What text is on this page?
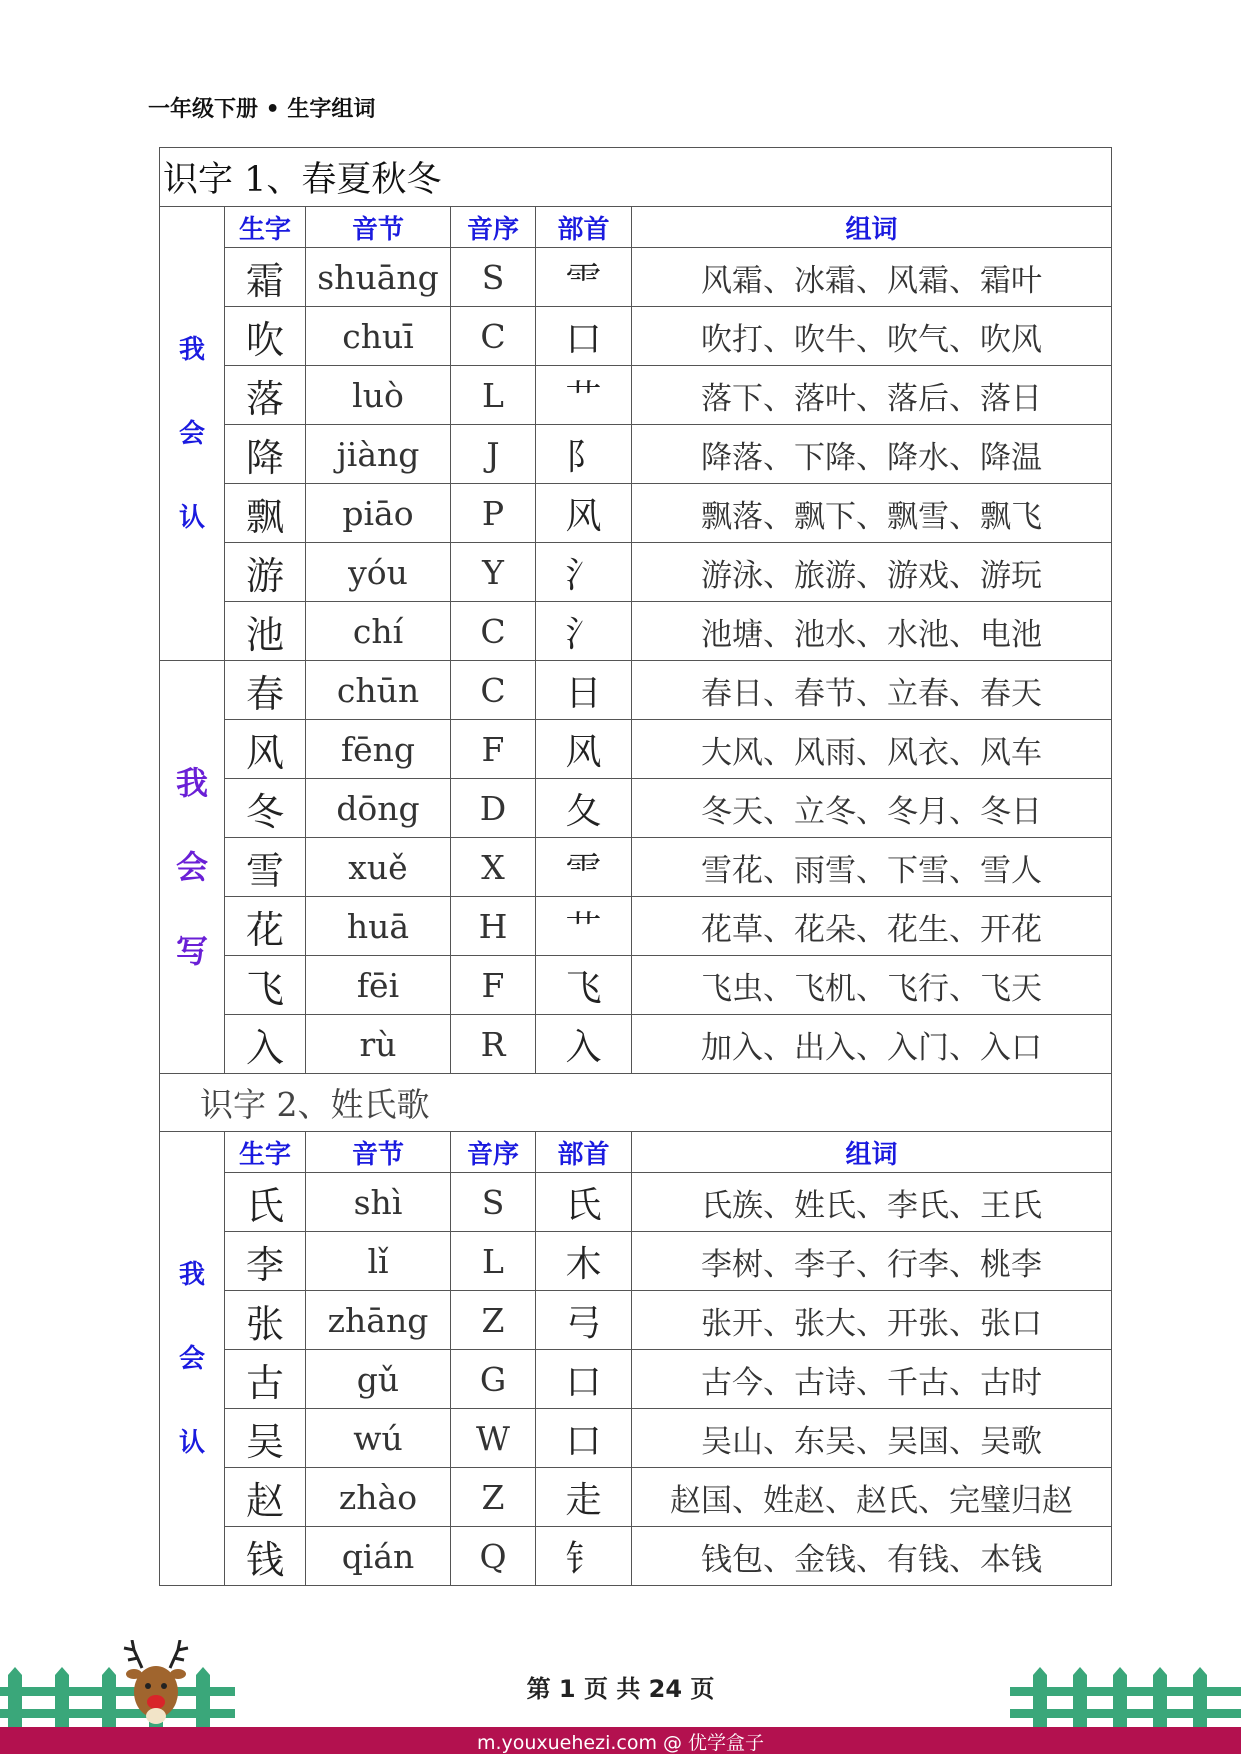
一年级下册 • 生字组词
识字 1、春夏秋冬					

我
会
认	生字	音节	音序	部首	组词
	霜	shuāng	S	⻗	风霜、冰霜、风霜、霜叶
	吹	chuī	C	口	吹打、吹牛、吹气、吹风
	落	luò	L	艹	落下、落叶、落后、落日
	降	jiàng	J	阝	降落、下降、降水、降温
	飘	piāo	P	风	飘落、飘下、飘雪、飘飞
	游	yóu	Y	氵	游泳、旅游、游戏、游玩
	池	chí	C	氵	池塘、池水、水池、电池

我
会
写	春	chūn	C	日	春日、春节、立春、春天
	风	fēng	F	风	大风、风雨、风衣、风车
	冬	dōng	D	夂	冬天、立冬、冬月、冬日
	雪	xuě	X	⻗	雪花、雨雪、下雪、雪人
	花	huā	H	艹	花草、花朵、花生、开花
	飞	fēi	F	飞	飞虫、飞机、飞行、飞天
	入	rù	R	入	加入、出入、入门、入口
识字 2、姓氏歌					

我
会
认	生字	音节	音序	部首	组词
	氏	shì	S	氏	氏族、姓氏、李氏、王氏
	李	lǐ	L	木	李树、李子、行李、桃李
	张	zhāng	Z	弓	张开、张大、开张、张口
	古	gǔ	G	口	古今、古诗、千古、古时
	吴	wú	W	口	吴山、东吴、吴国、吴歌
	赵	zhào	Z	走	赵国、姓赵、赵氏、完璧归赵
	钱	qián	Q	钅	钱包、金钱、有钱、本钱
第 1 页 共 24 页
m.youxuehezi.com @ 优学盒子
